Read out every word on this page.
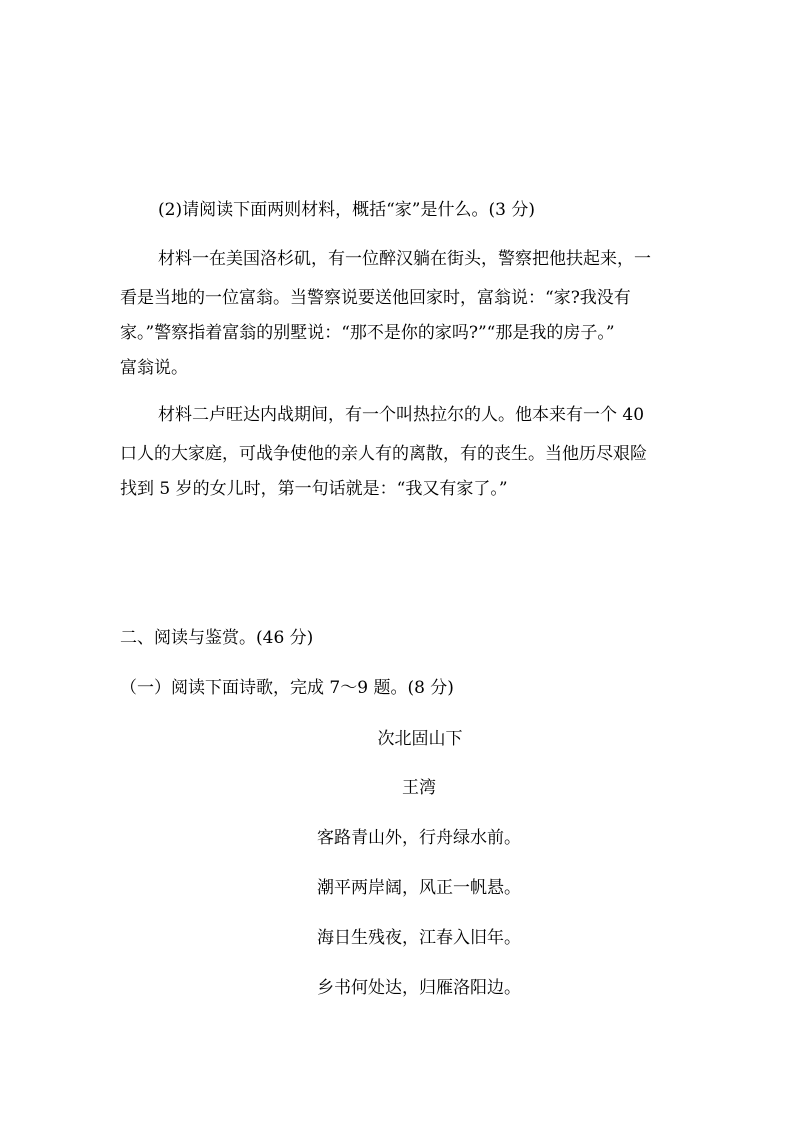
(2)请阅读下面两则材料，概括“家”是什么。(3 分)

材料一在美国洛杉矶，有一位醉汉躺在街头，警察把他扶起来，一

看是当地的一位富翁。当警察说要送他回家时，富翁说：“家?我没有

家。”警察指着富翁的别墅说：“那不是你的家吗?”“那是我的房子。”

富翁说。

材料二卢旺达内战期间，有一个叫热拉尔的人。他本来有一个 40

口人的大家庭，可战争使他的亲人有的离散，有的丧生。当他历尽艰险

找到 5 岁的女儿时，第一句话就是：“我又有家了。”

二、阅读与鉴赏。(46 分)

（一）阅读下面诗歌，完成 7～9 题。(8 分)

次北固山下

王湾

客路青山外，行舟绿水前。

潮平两岸阔，风正一帆悬。

海日生残夜，江春入旧年。

乡书何处达，归雁洛阳边。
